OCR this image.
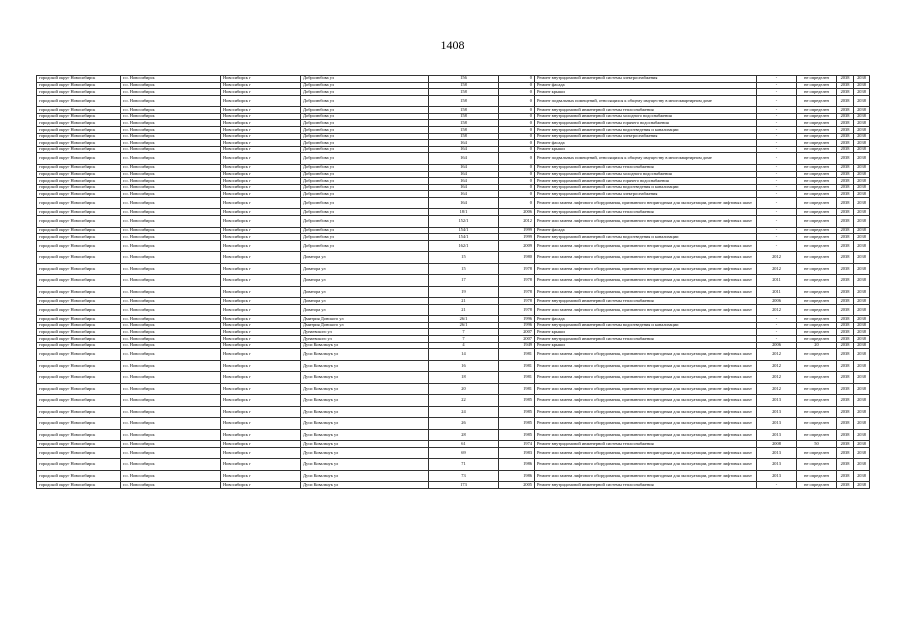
1408
городской округ Новосибирск	г.о. Новосибирск	Новосибирск г	Добролюбова ул	156	0	Ремонт внутридомовой инженерной системы электроснабжения	-	не определен	2038	2038
городской округ Новосибирск	г.о. Новосибирск	Новосибирск г	Добролюбова ул	158	0	Ремонт фасада	-	не определен	2038	2038
городской округ Новосибирск	г.о. Новосибирск	Новосибирск г	Добролюбова ул	158	0	Ремонт крыши	-	не определен	2038	2038
городской округ Новосибирск	г.о. Новосибирск	Новосибирск г	Добролюбова ул	158	0	Ремонт подвальных помещений, относящихся к общему имуществу в многоквартирном доме	-	не определен	2038	2038
городской округ Новосибирск	г.о. Новосибирск	Новосибирск г	Добролюбова ул	158	0	Ремонт внутридомовой инженерной системы теплоснабжения	-	не определен	2038	2038
городской округ Новосибирск	г.о. Новосибирск	Новосибирск г	Добролюбова ул	158	0	Ремонт внутридомовой инженерной системы холодного водоснабжения	-	не определен	2038	2038
городской округ Новосибирск	г.о. Новосибирск	Новосибирск г	Добролюбова ул	158	0	Ремонт внутридомовой инженерной системы горячего водоснабжения	-	не определен	2038	2038
городской округ Новосибирск	г.о. Новосибирск	Новосибирск г	Добролюбова ул	158	0	Ремонт внутридомовой инженерной системы водоотведения и канализации	-	не определен	2038	2038
городской округ Новосибирск	г.о. Новосибирск	Новосибирск г	Добролюбова ул	158	0	Ремонт внутридомовой инженерной системы электроснабжения	-	не определен	2038	2038
городской округ Новосибирск	г.о. Новосибирск	Новосибирск г	Добролюбова ул	164	0	Ремонт фасада	-	не определен	2038	2038
городской округ Новосибирск	г.о. Новосибирск	Новосибирск г	Добролюбова ул	164	0	Ремонт крыши	-	не определен	2038	2038
городской округ Новосибирск	г.о. Новосибирск	Новосибирск г	Добролюбова ул	164	0	Ремонт подвальных помещений, относящихся к общему имуществу в многоквартирном доме	-	не определен	2038	2038
городской округ Новосибирск	г.о. Новосибирск	Новосибирск г	Добролюбова ул	164	0	Ремонт внутридомовой инженерной системы теплоснабжения	-	не определен	2038	2038
городской округ Новосибирск	г.о. Новосибирск	Новосибирск г	Добролюбова ул	164	0	Ремонт внутридомовой инженерной системы холодного водоснабжения	-	не определен	2038	2038
городской округ Новосибирск	г.о. Новосибирск	Новосибирск г	Добролюбова ул	164	0	Ремонт внутридомовой инженерной системы горячего водоснабжения	-	не определен	2038	2038
городской округ Новосибирск	г.о. Новосибирск	Новосибирск г	Добролюбова ул	164	0	Ремонт внутридомовой инженерной системы водоотведения и канализации	-	не определен	2038	2038
городской округ Новосибирск	г.о. Новосибирск	Новосибирск г	Добролюбова ул	164	0	Ремонт внутридомовой инженерной системы электроснабжения	-	не определен	2038	2038
городской округ Новосибирск	г.о. Новосибирск	Новосибирск г	Добролюбова ул	164	0	Ремонт или замена лифтового оборудования, признанного непригодным для эксплуатации, ремонт лифтовых шахт	-	не определен	2038	2038
городской округ Новосибирск	г.о. Новосибирск	Новосибирск г	Добролюбова ул	18/1	2006	Ремонт внутридомовой инженерной системы теплоснабжения	-	не определен	2038	2038
городской округ Новосибирск	г.о. Новосибирск	Новосибирск г	Добролюбова ул	152/1	2012	Ремонт или замена лифтового оборудования, признанного непригодным для эксплуатации, ремонт лифтовых шахт	-	не определен	2038	2038
городской округ Новосибирск	г.о. Новосибирск	Новосибирск г	Добролюбова ул	154/1	1999	Ремонт фасада	-	не определен	2038	2038
городской округ Новосибирск	г.о. Новосибирск	Новосибирск г	Добролюбова ул	154/1	1999	Ремонт внутридомовой инженерной системы водоотведения и канализации	-	не определен	2038	2038
городской округ Новосибирск	г.о. Новосибирск	Новосибирск г	Добролюбова ул	162/1	2009	Ремонт или замена лифтового оборудования, признанного непригодным для эксплуатации, ремонт лифтовых шахт	-	не определен	2038	2038
городской округ Новосибирск	г.о. Новосибирск	Новосибирск г	Доватора ул	15	1980	Ремонт или замена лифтового оборудования, признанного непригодным для эксплуатации, ремонт лифтовых шахт	2012	не определен	2038	2038
городской округ Новосибирск	г.о. Новосибирск	Новосибирск г	Доватора ул	15	1978	Ремонт или замена лифтового оборудования, признанного непригодным для эксплуатации, ремонт лифтовых шахт	2012	не определен	2038	2038
городской округ Новосибирск	г.о. Новосибирск	Новосибирск г	Доватора ул	17	1978	Ремонт или замена лифтового оборудования, признанного непригодным для эксплуатации, ремонт лифтовых шахт	2011	не определен	2038	2038
городской округ Новосибирск	г.о. Новосибирск	Новосибирск г	Доватора ул	19	1978	Ремонт или замена лифтового оборудования, признанного непригодным для эксплуатации, ремонт лифтовых шахт	2011	не определен	2038	2038
городской округ Новосибирск	г.о. Новосибирск	Новосибирск г	Доватора ул	21	1978	Ремонт внутридомовой инженерной системы теплоснабжения	2006	не определен	2038	2038
городской округ Новосибирск	г.о. Новосибирск	Новосибирск г	Доватора ул	21	1978	Ремонт или замена лифтового оборудования, признанного непригодным для эксплуатации, ремонт лифтовых шахт	2012	не определен	2038	2038
городской округ Новосибирск	г.о. Новосибирск	Новосибирск г	Дмитрия Донского ул	26/1	1996	Ремонт фасада	-	не определен	2038	2038
городской округ Новосибирск	г.о. Новосибирск	Новосибирск г	Дмитрия Донского ул	26/1	1996	Ремонт внутридомовой инженерной системы водоотведения и канализации	-	не определен	2038	2038
городской округ Новосибирск	г.о. Новосибирск	Новосибирск г	Дунаевского ул	7	2007	Ремонт крыши	-	не определен	2038	2038
городской округ Новосибирск	г.о. Новосибирск	Новосибирск г	Дунаевского ул	7	2007	Ремонт внутридомовой инженерной системы теплоснабжения	-	не определен	2038	2038
городской округ Новосибирск	г.о. Новосибирск	Новосибирск г	Дуси Ковальчук ул	4	1949	Ремонт крыши	2006	20	2038	2038
городской округ Новосибирск	г.о. Новосибирск	Новосибирск г	Дуси Ковальчук ул	14	1981	Ремонт или замена лифтового оборудования, признанного непригодным для эксплуатации, ремонт лифтовых шахт	2012	не определен	2038	2038
городской округ Новосибирск	г.о. Новосибирск	Новосибирск г	Дуси Ковальчук ул	16	1981	Ремонт или замена лифтового оборудования, признанного непригодным для эксплуатации, ремонт лифтовых шахт	2012	не определен	2038	2038
городской округ Новосибирск	г.о. Новосибирск	Новосибирск г	Дуси Ковальчук ул	18	1981	Ремонт или замена лифтового оборудования, признанного непригодным для эксплуатации, ремонт лифтовых шахт	2012	не определен	2038	2038
городской округ Новосибирск	г.о. Новосибирск	Новосибирск г	Дуси Ковальчук ул	20	1981	Ремонт или замена лифтового оборудования, признанного непригодным для эксплуатации, ремонт лифтовых шахт	2012	не определен	2038	2038
городской округ Новосибирск	г.о. Новосибирск	Новосибирск г	Дуси Ковальчук ул	22	1985	Ремонт или замена лифтового оборудования, признанного непригодным для эксплуатации, ремонт лифтовых шахт	2013	не определен	2038	2038
городской округ Новосибирск	г.о. Новосибирск	Новосибирск г	Дуси Ковальчук ул	24	1985	Ремонт или замена лифтового оборудования, признанного непригодным для эксплуатации, ремонт лифтовых шахт	2013	не определен	2038	2038
городской округ Новосибирск	г.о. Новосибирск	Новосибирск г	Дуси Ковальчук ул	26	1985	Ремонт или замена лифтового оборудования, признанного непригодным для эксплуатации, ремонт лифтовых шахт	2013	не определен	2038	2038
городской округ Новосибирск	г.о. Новосибирск	Новосибирск г	Дуси Ковальчук ул	28	1985	Ремонт или замена лифтового оборудования, признанного непригодным для эксплуатации, ремонт лифтовых шахт	2013	не определен	2038	2038
городской округ Новосибирск	г.о. Новосибирск	Новосибирск г	Дуси Ковальчук ул	61	1974	Ремонт внутридомовой инженерной системы теплоснабжения	2008	50	2038	2038
городской округ Новосибирск	г.о. Новосибирск	Новосибирск г	Дуси Ковальчук ул	69	1983	Ремонт или замена лифтового оборудования, признанного непригодным для эксплуатации, ремонт лифтовых шахт	2013	не определен	2038	2038
городской округ Новосибирск	г.о. Новосибирск	Новосибирск г	Дуси Ковальчук ул	71	1986	Ремонт или замена лифтового оборудования, признанного непригодным для эксплуатации, ремонт лифтовых шахт	2013	не определен	2038	2038
городской округ Новосибирск	г.о. Новосибирск	Новосибирск г	Дуси Ковальчук ул	73	1986	Ремонт или замена лифтового оборудования, признанного непригодным для эксплуатации, ремонт лифтовых шахт	2013	не определен	2038	2038
городской округ Новосибирск	г.о. Новосибирск	Новосибирск г	Дуси Ковальчук ул	173	2005	Ремонт внутридомовой инженерной системы теплоснабжения	-	не определен	2038	2038
